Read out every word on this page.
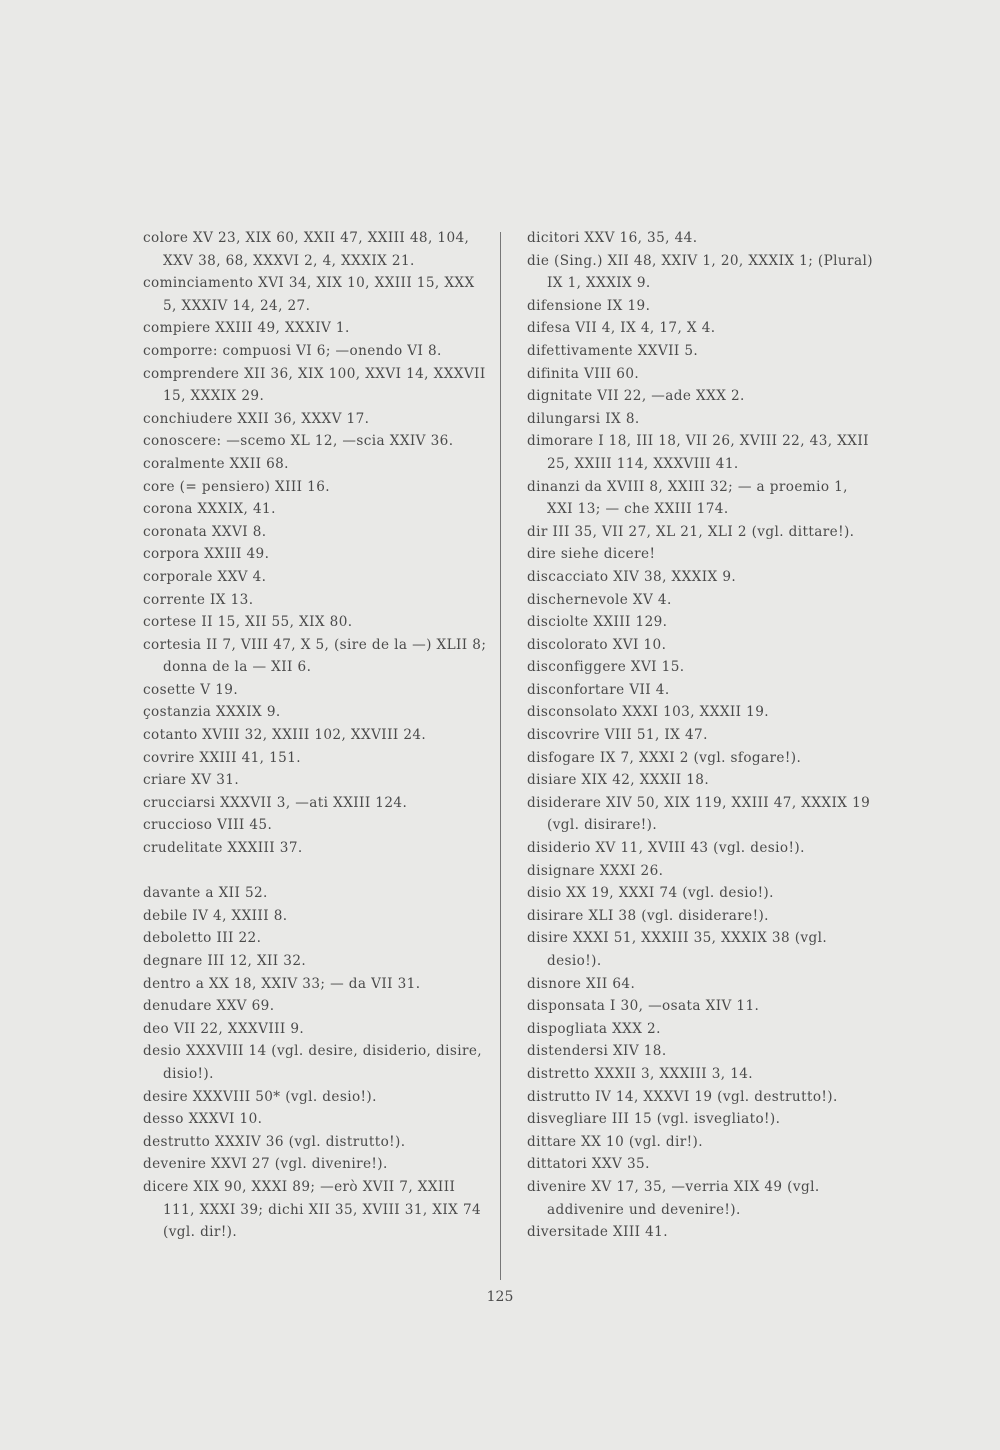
colore XV 23, XIX 60, XXII 47, XXIII 48, 104, XXV 38, 68, XXXVI 2, 4, XXXIX 21.
cominciamento XVI 34, XIX 10, XXIII 15, XXX 5, XXXIV 14, 24, 27.
compiere XXIII 49, XXXIV 1.
comporre: compuosi VI 6; —onendo VI 8.
comprendere XII 36, XIX 100, XXVI 14, XXXVII 15, XXXIX 29.
conchiudere XXII 36, XXXV 17.
conoscere: —scemo XL 12, —scia XXIV 36.
coralmente XXII 68.
core (= pensiero) XIII 16.
corona XXXIX, 41.
coronata XXVI 8.
corpora XXIII 49.
corporale XXV 4.
corrente IX 13.
cortese II 15, XII 55, XIX 80.
cortesia II 7, VIII 47, X 5, (sire de la —) XLII 8; donna de la — XII 6.
cosette V 19.
çostanzia XXXIX 9.
cotanto XVIII 32, XXIII 102, XXVIII 24.
covrire XXIII 41, 151.
criare XV 31.
crucciarsi XXXVII 3, —ati XXIII 124.
cruccioso VIII 45.
crudelitate XXXIII 37.
davante a XII 52.
debile IV 4, XXIII 8.
deboletto III 22.
degnare III 12, XII 32.
dentro a XX 18, XXIV 33; — da VII 31.
denudare XXV 69.
deo VII 22, XXXVIII 9.
desio XXXVIII 14 (vgl. desire, disiderio, disire, disio!).
desire XXXVIII 50* (vgl. desio!).
desso XXXVI 10.
destrutto XXXIV 36 (vgl. distrutto!).
devenire XXVI 27 (vgl. divenire!).
dicere XIX 90, XXXI 89; —erò XVII 7, XXIII 111, XXXI 39; dichi XII 35, XVIII 31, XIX 74 (vgl. dir!).
dicitori XXV 16, 35, 44.
die (Sing.) XII 48, XXIV 1, 20, XXXIX 1; (Plural) IX 1, XXXIX 9.
difensione IX 19.
difesa VII 4, IX 4, 17, X 4.
difettivamente XXVII 5.
difinita VIII 60.
dignitate VII 22, —ade XXX 2.
dilungarsi IX 8.
dimorare I 18, III 18, VII 26, XVIII 22, 43, XXII 25, XXIII 114, XXXVIII 41.
dinanzi da XVIII 8, XXIII 32; — a proemio 1, XXI 13; — che XXIII 174.
dir III 35, VII 27, XL 21, XLI 2 (vgl. dittare!).
dire siehe dicere!
discacciato XIV 38, XXXIX 9.
dischernevole XV 4.
disciolte XXIII 129.
discolorato XVI 10.
disconfiggere XVI 15.
disconfortare VII 4.
disconsolato XXXI 103, XXXII 19.
discovrire VIII 51, IX 47.
disfogare IX 7, XXXI 2 (vgl. sfogare!).
disiare XIX 42, XXXII 18.
disiderare XIV 50, XIX 119, XXIII 47, XXXIX 19 (vgl. disirare!).
disiderio XV 11, XVIII 43 (vgl. desio!).
disignare XXXI 26.
disio XX 19, XXXI 74 (vgl. desio!).
disirare XLI 38 (vgl. disiderare!).
disire XXXI 51, XXXIII 35, XXXIX 38 (vgl. desio!).
disnore XII 64.
disponsata I 30, —osata XIV 11.
dispogliata XXX 2.
distendersi XIV 18.
distretto XXXII 3, XXXIII 3, 14.
distrutto IV 14, XXXVI 19 (vgl. destrutto!).
disvegliare III 15 (vgl. isvegliato!).
dittare XX 10 (vgl. dir!).
dittatori XXV 35.
divenire XV 17, 35, —verria XIX 49 (vgl. addivenire und devenire!).
diversitade XIII 41.
125
